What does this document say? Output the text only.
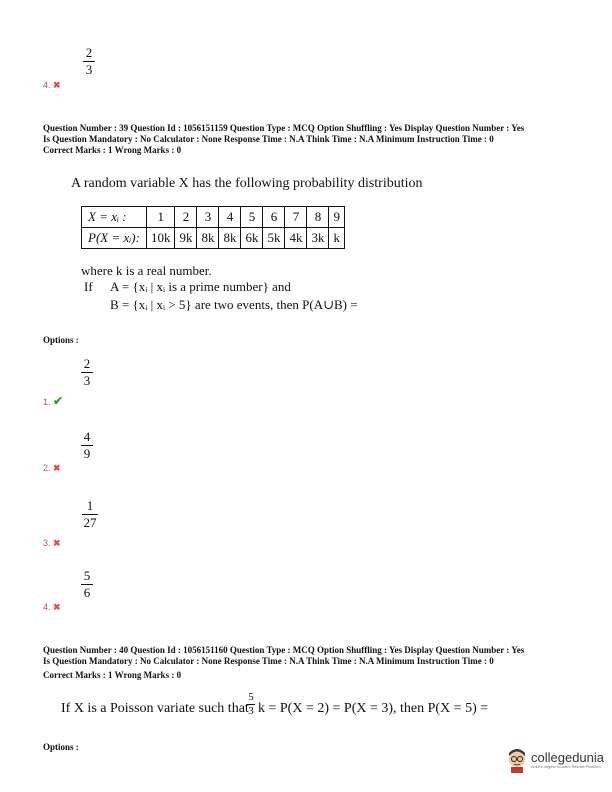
2
3
4. ✖
Question Number : 39 Question Id : 1056151159 Question Type : MCQ Option Shuffling : Yes Display Question Number : Yes
Is Question Mandatory : No Calculator : None Response Time : N.A Think Time : N.A Minimum Instruction Time : 0
Correct Marks : 1 Wrong Marks : 0
A random variable X has the following probability distribution
X = xᵢ :	1	2	3	4	5	6	7	8	9
P(X = xᵢ):	10k	9k	8k	8k	6k	5k	4k	3k	k
where k is a real number.
If A = {xᵢ | xᵢ is a prime number} and
B = {xᵢ | xᵢ > 5} are two events, then P(A∪B) =
Options :
2
3
1. ✔
4
9
2. ✖
1
27
3. ✖
5
6
4. ✖
Question Number : 40 Question Id : 1056151160 Question Type : MCQ Option Shuffling : Yes Display Question Number : Yes
Is Question Mandatory : No Calculator : None Response Time : N.A Think Time : N.A Minimum Instruction Time : 0
Correct Marks : 1 Wrong Marks : 0
If X is a Poisson variate such that
5
3 k = P(X = 2) = P(X = 3), then P(X = 5) =
Options :
collegedunia
India's largest Student Review Platform
